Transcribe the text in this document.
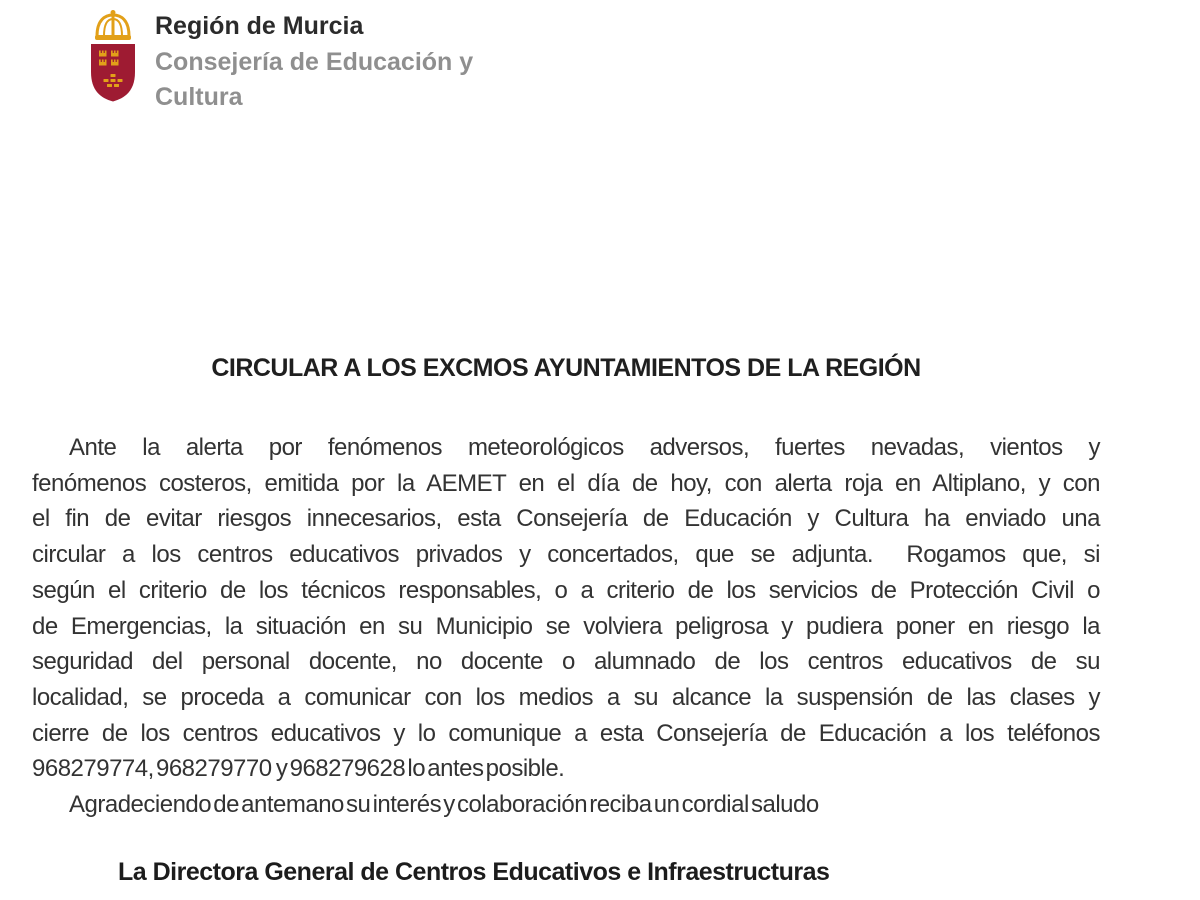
Región de Murcia
Consejería de Educación y
Cultura
CIRCULAR A LOS EXCMOS AYUNTAMIENTOS DE LA REGIÓN
Ante la alerta por fenómenos meteorológicos adversos, fuertes nevadas, vientos y
fenómenos costeros, emitida por la AEMET en el día de hoy, con alerta roja en Altiplano, y con
el fin de evitar riesgos innecesarios, esta Consejería de Educación y Cultura ha enviado una
circular a los centros educativos privados y concertados, que se adjunta.  Rogamos que, si
según el criterio de los técnicos responsables, o a criterio de los servicios de Protección Civil o
de Emergencias, la situación en su Municipio se volviera peligrosa y pudiera poner en riesgo la
seguridad del personal docente, no docente o alumnado de los centros educativos de su
localidad, se proceda a comunicar con los medios a su alcance la suspensión de las clases y
cierre de los centros educativos y lo comunique a esta Consejería de Educación a los teléfonos
968279774, 968279770  y 968279628 lo antes posible.
Agradeciendo de antemano su interés y colaboración reciba un cordial saludo
La Directora General de Centros Educativos e Infraestructuras
